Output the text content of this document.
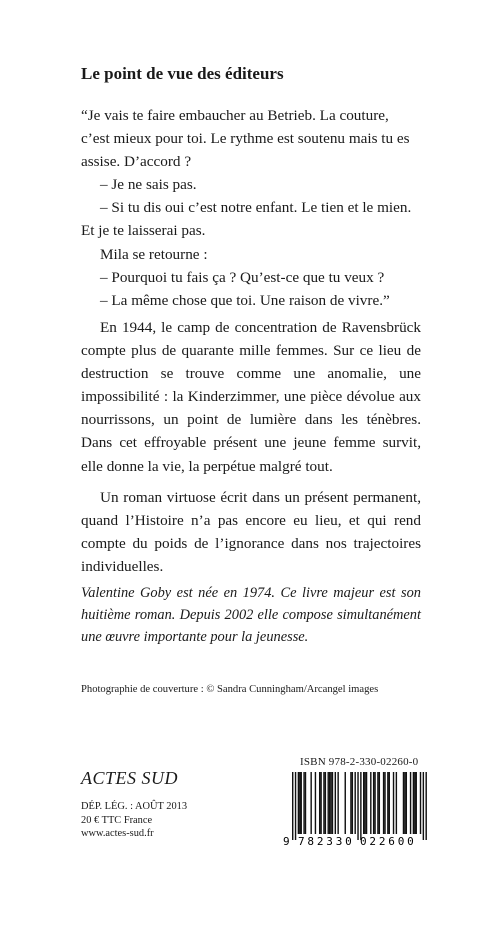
Le point de vue des éditeurs

“Je vais te faire embaucher au Betrieb. La couture, c’est mieux pour toi. Le rythme est soutenu mais tu es assise. D’accord ?

– Je ne sais pas.

– Si tu dis oui c’est notre enfant. Le tien et le mien. Et je te laisserai pas.

Mila se retourne :

– Pourquoi tu fais ça ? Qu’est-ce que tu veux ?

– La même chose que toi. Une raison de vivre.”

En 1944, le camp de concentration de Ravensbrück compte plus de quarante mille femmes. Sur ce lieu de destruction se trouve comme une anomalie, une impossibilité : la Kinderzimmer, une pièce dévolue aux nourrissons, un point de lumière dans les ténèbres. Dans cet effroyable présent une jeune femme survit, elle donne la vie, la perpétue malgré tout.

Un roman virtuose écrit dans un présent permanent, quand l’Histoire n’a pas encore eu lieu, et qui rend compte du poids de l’ignorance dans nos trajectoires individuelles.

Valentine Goby est née en 1974. Ce livre majeur est son huitième roman. Depuis 2002 elle compose simultanément une œuvre importante pour la jeunesse.

Photographie de couverture : © Sandra Cunningham/Arcangel images

ACTES SUD

DÉP. LÉG. : AOÛT 2013
20 € TTC France
www.actes-sud.fr

ISBN 978-2-330-02260-0

9 782330 022600
